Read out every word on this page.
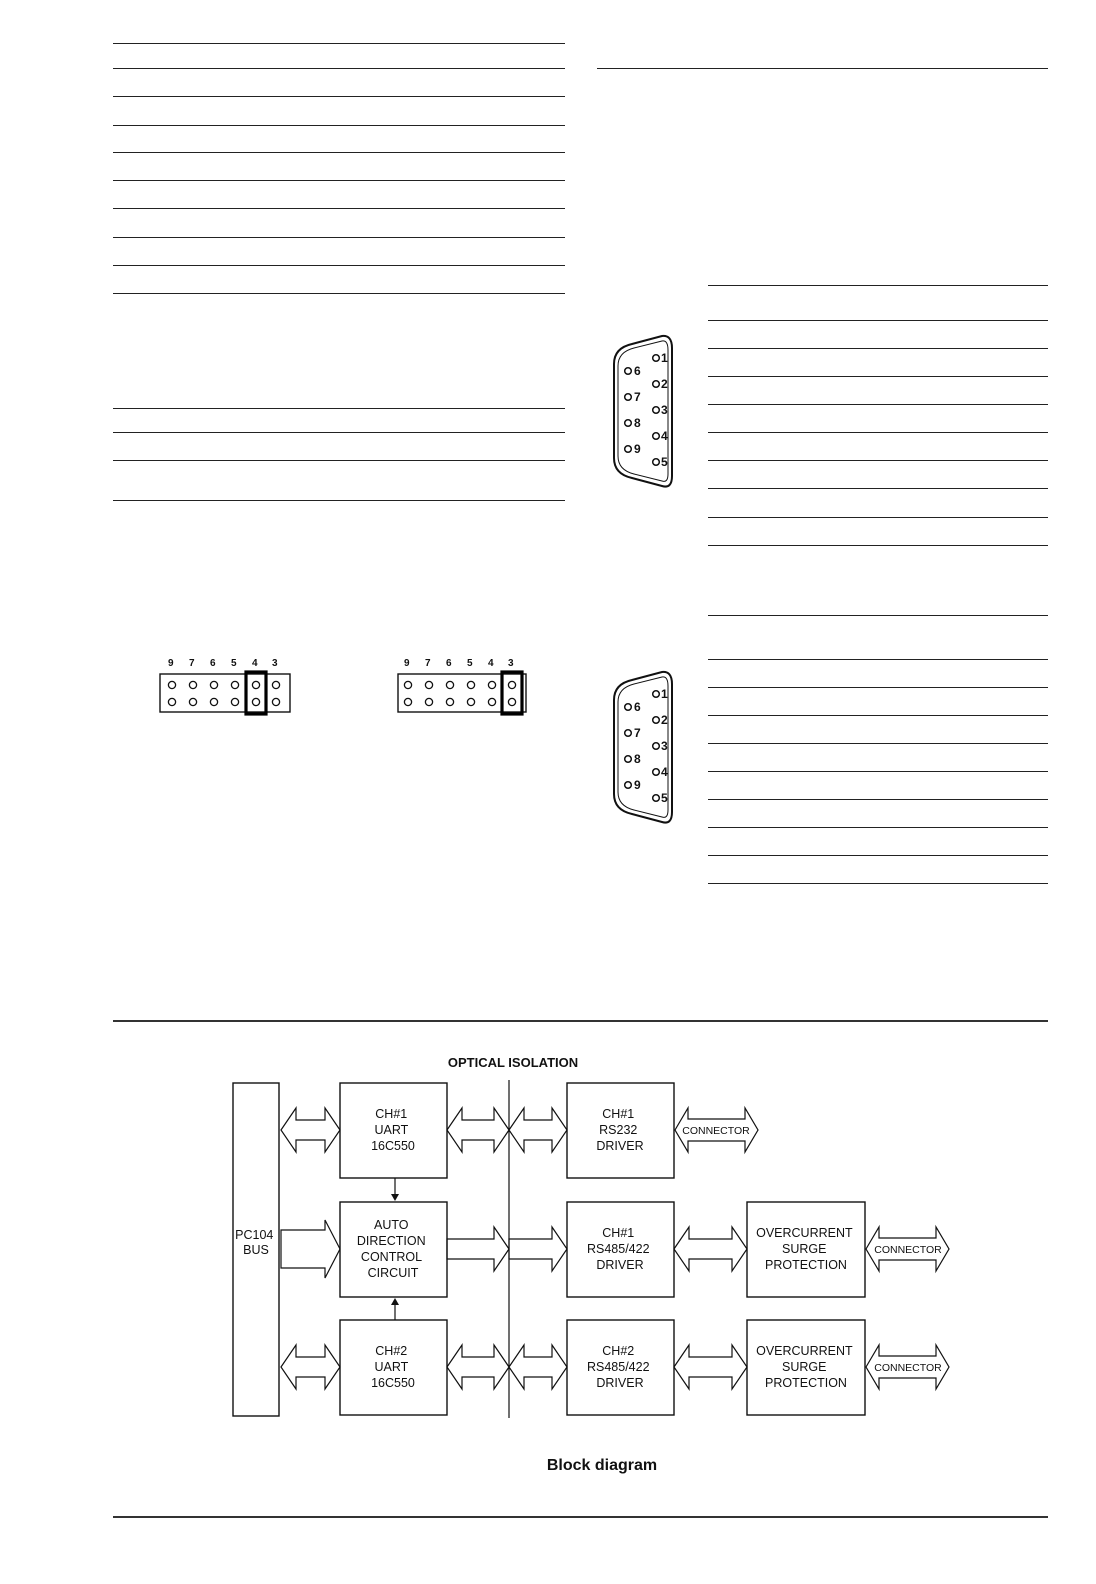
1
2
3
4
5
6
7
8
9
1
2
3
4
5
6
7
8
9
9 7 6 5 4 3	9 7 6 5 4 3
OPTICAL ISOLATION
PC104 BUS
CH#1 UART 16C550
AUTO DIRECTION CONTROL CIRCUIT
CH#2 UART 16C550
CH#1 RS232 DRIVER
CH#1 RS485/422 DRIVER
CH#2 RS485/422 DRIVER
OVERCURRENT SURGE PROTECTION
OVERCURRENT SURGE PROTECTION
CONNECTOR
CONNECTOR
CONNECTOR
Block diagram
